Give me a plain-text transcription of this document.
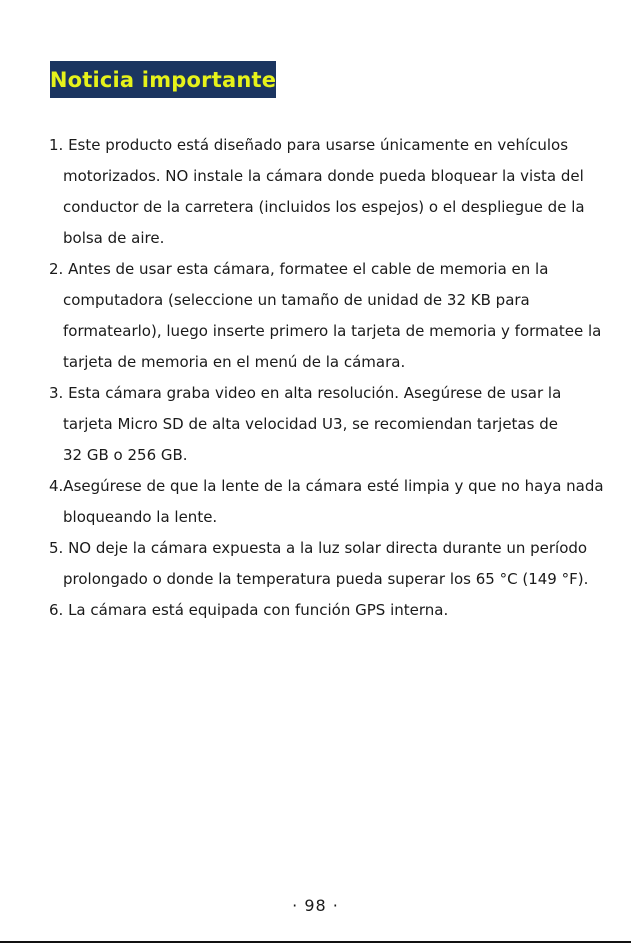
Noticia importante
1. Este producto está diseñado para usarse únicamente en vehículos
motorizados. NO instale la cámara donde pueda bloquear la vista del
conductor de la carretera (incluidos los espejos) o el despliegue de la
bolsa de aire.
2. Antes de usar esta cámara, formatee el cable de memoria en la
computadora (seleccione un tamaño de unidad de 32 KB para
formatearlo), luego inserte primero la tarjeta de memoria y formatee la
tarjeta de memoria en el menú de la cámara.
3. Esta cámara graba video en alta resolución. Asegúrese de usar la
tarjeta Micro SD de alta velocidad U3, se recomiendan tarjetas de
32 GB o 256 GB.
4.Asegúrese de que la lente de la cámara esté limpia y que no haya nada
bloqueando la lente.
5. NO deje la cámara expuesta a la luz solar directa durante un período
prolongado o donde la temperatura pueda superar los 65 °C (149 °F).
6. La cámara está equipada con función GPS interna.
· 98 ·
